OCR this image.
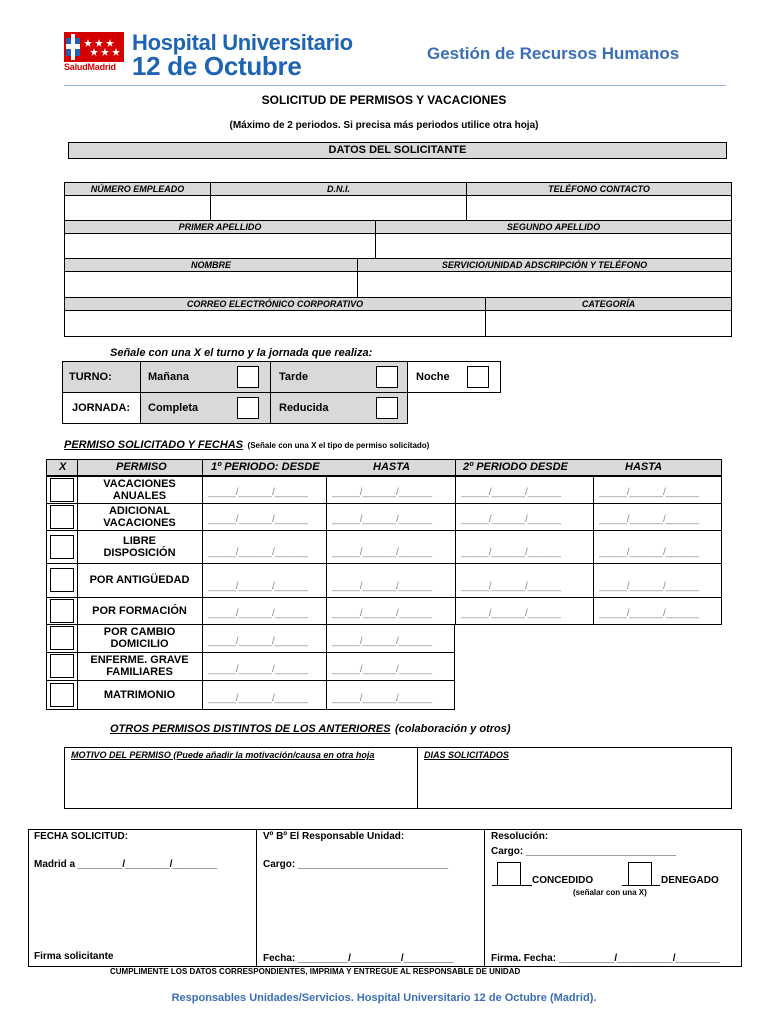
SaludMadrid
Hospital Universitario
12 de Octubre	Gestión de Recursos Humanos
SOLICITUD DE PERMISOS Y VACACIONES
(Máximo de 2 periodos. Si precisa más periodos utilice otra hoja)
DATOS DEL SOLICITANTE
NÚMERO EMPLEADO	D.N.I.	TELÉFONO CONTACTO
PRIMER APELLIDO	SEGUNDO APELLIDO
NOMBRE	SERVICIO/UNIDAD ADSCRIPCIÓN Y TELÉFONO
CORREO ELECTRÓNICO CORPORATIVO	CATEGORÍA
Señale con una X el turno y la jornada que realiza:
TURNO:	Mañana	Tarde	Noche
JORNADA: Completa	Reducida
PERMISO SOLICITADO Y FECHAS (Señale con una X el tipo de permiso solicitado)
X	PERMISO	1º PERIODO: DESDE	HASTA	2º PERIODO DESDE	HASTA
VACACIONES
ANUALES	_____/______/______	_____/______/______	_____/______/______	_____/______/______
ADICIONAL
VACACIONES	_____/______/______	_____/______/______	_____/______/______	_____/______/______
LIBRE
DISPOSICIÓN	_____/______/______	_____/______/______	_____/______/______	_____/______/______
POR ANTIGÜEDAD
_____/______/______	_____/______/______	_____/______/______	_____/______/______
POR FORMACIÓN	_____/______/______	_____/______/______	_____/______/______	_____/______/______
POR CAMBIO
DOMICILIO	_____/______/______	_____/______/______
ENFERME. GRAVE
FAMILIARES	_____/______/______	_____/______/______
MATRIMONIO	_____/______/______	_____/______/______
OTROS PERMISOS DISTINTOS DE LOS ANTERIORES (colaboración y otros)
MOTIVO DEL PERMISO (Puede añadir la motivación/causa en otra hoja	DIAS SOLICITADOS
FECHA SOLICITUD:
Madrid a ________/________/________
Firma solicitante
Vº Bº El Responsable Unidad:
Cargo: ___________________________
Fecha: _________/_________/_________
Resolución:
Cargo: ___________________________
CONCEDIDO	DENEGADO
(señalar con una X)
Firma. Fecha: __________/__________/________
CUMPLIMENTE LOS DATOS CORRESPONDIENTES, IMPRIMA Y ENTREGUE AL RESPONSABLE DE UNIDAD
Responsables Unidades/Servicios. Hospital Universitario 12 de Octubre (Madrid).
